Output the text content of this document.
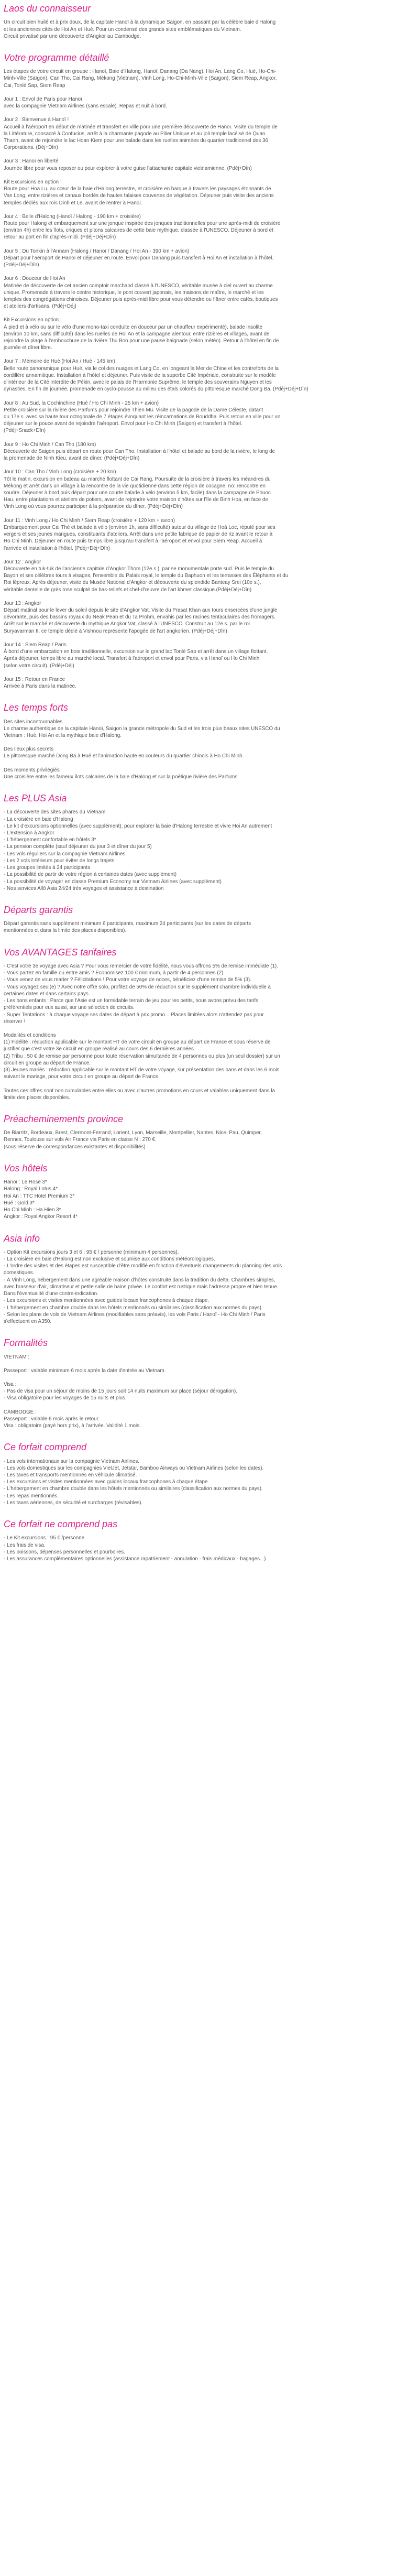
Laos du connaisseur

Un circuit bien huilé et à prix doux, de la capitale Hanoï à la dynamique Saigon, en passant par la célèbre baie d'Halong

et les anciennes cités de Hoi An et Hué. Pour un condensé des grands sites emblématiques du Vietnam.

Circuit privatisé par une découverte d'Angkor au Cambodge.

Votre programme détaillé

Les étapes de votre circuit en groupe : Hanoï, Baie d'Halong, Hanoï, Danang (Da Nang), Hoi An, Lang Co, Hué, Ho-Chi-

Minh-Ville (Saïgon), Can Tho, Cai Rang, Mékong (Vietnam), Vinh Long, Ho-Chi-Minh-Ville (Saïgon), Siem Reap, Angkor,

Cai, Tonlé Sap, Siem Reap

Jour 1 : Envol de Paris pour Hanoï

avec la compagnie Vietnam Airlines (sans escale). Repas et nuit à bord.

Jour 2 : Bienvenue à Hanoï !

Accueil à l'aéroport en début de matinée et transfert en ville pour une première découverte de Hanoï. Visite du temple de

la Littérature, consacré à Confucius, arrêt à la charmante pagode au Pilier Unique et au joli temple lacéisé de Quan

Thanh, avant de rejoindre le lac Hoan Kiem pour une balade dans les ruelles animées du quartier traditionnel des 36

Corporations. (Déj+Dîn)

Jour 3 : Hanoï en liberté

Journée libre pour vous reposer ou pour explorer à votre guise l'attachante capitale vietnamienne. (Pdéj+Dîn)

Kit Excursions en option :

Route pour Hoa Lu, au cœur de la baie d'Halong terrestre, et croisière en barque à travers les paysages étonnants de

Van Long, entre rizières et canaux bordés de hautes falaises couvertes de végétation. Déjeuner puis visite des anciens

temples dédiés aux rois Dinh et Le, avant de rentrer à Hanoï.

Jour 4 : Belle d'Halong (Hanoï / Halong - 190 km + croisière)

Route pour Halong et embarquement sur une jonque inspirée des jonques traditionnelles pour une après-midi de croisière

(environ 4h) entre les îlots, criques et pitons calcaires de cette baie mythique, classée à l'UNESCO. Déjeuner à bord et

retour au port en fin d'après-midi. (Pdéj+Déj+Dîn)

Jour 5 : Du Tonkin à l'Annam (Halong / Hanoï / Danang / Hoi An - 390 km + avion)

Départ pour l'aéroport de Hanoï et déjeuner en route. Envol pour Danang puis transfert à Hoi An et installation à l'hôtel.

(Pdéj+Déj+Dîn)

Jour 6 : Douceur de Hoi An

Matinée de découverte de cet ancien comptoir marchand classé à l'UNESCO, véritable musée à ciel ouvert au charme

unique. Promenade à travers le centre historique, le pont couvert japonais, les maisons de maître, le marché et les

temples des congrégations chinoises. Déjeuner puis après-midi libre pour vous détendre ou flâner entre cafés, boutiques

et ateliers d'artisans. (Pdéj+Déj)

Kit Excursions en option :

À pied et à vélo ou sur le vélo d'une mono-taxi conduite en douceur par un chauffeur expérimenté), balade insolite

(environ 10 km, sans difficulté) dans les ruelles de Hoi An et la campagne alentour, entre rizières et villages, avant de

rejoindre la plage à l'embouchure de la rivière Thu Bon pour une pause baignade (selon météo). Retour à l'hôtel en fin de

journée et dîner libre.

Jour 7 : Mémoire de Hué (Hoi An / Hué - 145 km)

Belle route panoramique pour Hué, via le col des nuages et Lang Co, en longeant la Mer de Chine et les contreforts de la

cordillère annamitique. Installation à l'hôtel et déjeuner. Puis visite de la superbe Cité Impériale, construite sur le modèle

d'intérieur de la Cité interdite de Pékin, avec le palais de l'Harmonie Suprême, le temple des souverains Nguyen et les

dynasties. En fin de journée, promenade en cyclo-pousse au milieu des étals colorés du pittoresque marché Dong Ba. (Pdéj+Déj+Dîn)

Jour 8 : Au Sud, la Cochinchine (Hué / Ho Chi Minh - 25 km + avion)

Petite croisière sur la rivière des Parfums pour rejoindre Thien Mu. Visite de la pagode de la Dame Céleste, datant

du 17e s. avec sa haute tour octogonale de 7 étages évoquant les réincarnations de Bouddha. Puis retour en ville pour un

déjeuner sur le pouce avant de rejoindre l'aéroport. Envol pour Ho Chi Minh (Saigon) et transfert à l'hôtel.

(Pdéj+Snack+Dîn)

Jour 9 : Ho Chi Minh / Can Tho (180 km)

Découverte de Saigon puis départ en route pour Can Tho. Installation à l'hôtel et balade au bord de la rivière, le long de

la promenade de Ninh Kieu, avant de dîner. (Pdéj+Déj+Dîn)

Jour 10 : Can Tho / Vinh Long (croisière + 20 km)

Tôt le matin, excursion en bateau au marché flottant de Cai Rang. Poursuite de la croisière à travers les méandres du

Mékong et arrêt dans un village à la rencontre de la vie quotidienne dans cette région de cocagne, no: rencontre en

sourire. Déjeuner à bord puis départ pour une courte balade à vélo (environ 5 km, facile) dans la campagne de Phuoc

Hau, entre plantations et ateliers de potiers, avant de rejoindre votre maison d'hôtes sur l'île de Binh Hoa, en face de

Vinh Long où vous pourrez participer à la préparation du dîner. (Pdéj+Déj+Dîn)

Jour 11 : Vinh Long / Ho Chi Minh / Siem Reap (croisière + 120 km + avion)

Embarquement pour Cai Thé et balade à vélo (environ 1h, sans difficulté) autour du village de Hoà Loc, réputé pour ses

vergers et ses jeunes mangues, constituants d'ateliers. Arrêt dans une petite fabrique de papier de riz avant le retour à

Ho Chi Minh. Déjeuner en route puis temps libre jusqu'au transfert à l'aéroport et envol pour Siem Reap. Accueil à

l'arrivée et installation à l'hôtel. (Pdéj+Déj+Dîn)

Jour 12 : Angkor

Découverte en tuk-tuk de l'ancienne capitale d'Angkor Thom (12e s.), par se monumentale porte sud. Puis le temple du

Bayon et ses célèbres tours à visages, l'ensemble du Palais royal, le temple du Baphuon et les terrasses des Éléphants et du

Roi lépreux. Après déjeuner, visite du Musée National d'Angkor et découverte du splendide Banteay Srei (10e s.),

véritable dentelle de grès rose sculpté de bas-reliefs et chef-d'œuvre de l'art khmer classique.(Pdéj+Déj+Dîn)

Jour 13 : Angkor

Départ matinal pour le lever du soleil depuis le site d'Angkor Vat. Visite du Prasat Khan aux tours ensercées d'une jungle

dévorante, puis des bassins royaux du Neak Pean et du Ta Prohm, envahis par les racines tentaculaires des fromagers.

Arrêt sur le marché et découverte du mythique Angkor Vat, classé à l'UNESCO. Construit au 12e s. par le roi

Suryavarman II, ce temple dédié à Vishnou représente l'apogée de l'art angkorien. (Pdéj+Déj+Dîn)

Jour 14 : Siem Reap / Paris

À bord d'une embarcation en bois traditionnelle, excursion sur le grand lac Tonlé Sap et arrêt dans un village flottant.

Après déjeuner, temps libre au marché local. Transfert à l'aéroport et envol pour Paris, via Hanoï ou Ho Chi Minh

(selon votre circuit). (Pdéj+Déj)

Jour 15 : Retour en France

Arrivée à Paris dans la matinée.

Les temps forts

Des sites incontournables

Le charme authentique de la capitale Hanoï, Saigon la grande métropole du Sud et les trois plus beaux sites UNESCO du

Vietnam : Hué, Hoi An et la mythique baie d'Halong.

Des lieux plus secrets

Le pittoresque marché Dong Ba à Hué et l'animation haute en couleurs du quartier chinois à Ho Chi Minh.

Des moments privilégiés

Une croisière entre les fameux îlots calcaires de la baie d'Halong et sur la poétique rivière des Parfums.

Les PLUS Asia

- La découverte des sites phares du Vietnam

- La croisière en baie d'Halong

- Le kit d'excursions optionnelles (avec supplément), pour explorer la baie d'Halong terrestre et vivre Hoi An autrement

- L'extension à Angkor

- L'hébergement confortable en hôtels 3*

- La pension complète (sauf déjeuner du jour 3 et dîner du jour 5)

- Les vols réguliers sur la compagnie Vietnam Airlines

- Les 2 vols intérieurs pour éviter de longs trajets

- Les groupes limités à 24 participants

- La possibilité de partir de votre région à certaines dates (avec supplément)

- La possibilité de voyager en classe Premium Economy sur Vietnam Airlines (avec supplément)

- Nos services Allô Asia 24/24 très voyages et assistance à destination

Départs garantis

Départ garantis sans supplément minimum 6 participants, maximum 24 participants (sur les dates de départs

mentionnées et dans la limite des places disponibles).

Vos AVANTAGES tarifaires

- C'est votre 3e voyage avec Asia ? Pour vous remercier de votre fidélité, nous vous offrons 5% de remise immédiate (1).

- Vous partez en famille ou entre amis ? Économisez 100 € minimum, à partir de 4 personnes (2).

- Vous venez de vous marier ? Félicitations ! Pour votre voyage de noces, bénéficiez d'une remise de 5% (3).

- Vous voyagez seul(e) ? Avec notre offre solo, profitez de 50% de réduction sur le supplément chambre individuelle à

certaines dates et dans certains pays.

- Les bons enfants : Parce que l'Asie est un formidable terrain de jeu pour les petits, nous avons prévu des tarifs

préférentiels pour eux aussi, sur une sélection de circuits.

- Super Tentations : à chaque voyage ses dates de départ à prix promo... Places limitées alors n'attendez pas pour

réserver !

Modalités et conditions

(1) Fidélité : réduction applicable sur le montant HT de votre circuit en groupe au départ de France et sous réserve de

justifier que c'est votre 3e circuit en groupe réalisé au cours des 6 dernières années.

(2) Tribu : 50 € de remise par personne pour toute réservation simultanée de 4 personnes ou plus (un seul dossier) sur un

circuit en groupe au départ de France.

(3) Jeunes mariés : réduction applicable sur le montant HT de votre voyage, sur présentation des bans et dans les 6 mois

suivant le mariage, pour votre circuit en groupe au départ de France.

Toutes ces offres sont non cumulables entre elles ou avec d'autres promotions en cours et valables uniquement dans la

limite des places disponibles.

Préacheminements province

De Biarritz, Bordeaux, Brest, Clermont-Ferrand, Lorient, Lyon, Marseille, Montpellier, Nantes, Nice, Pau, Quimper,

Rennes, Toulouse sur vols Air France via Paris en classe N : 270 €.

(sous réserve de correspondances existantes et disponibilités)

Vos hôtels

Hanoï : Le Rose 3*

Halong : Royal Lotus 4*

Hoi An : TTC Hotel Premium 3*

Hué : Gold 3*

Ho Chi Minh : Ha Hien 3*

Angkor : Royal Angkor Resort 4*

Asia info

- Option Kit excursions jours 3 et 6 : 95 € / personne (minimum 4 personnes).

- La croisière en baie d'Halong est non exclusive et soumise aux conditions météorologiques.

- L'ordre des visites et des étapes est susceptible d'être modifié en fonction d'éventuels changements du planning des vols

domestiques.

- À Vinh Long, hébergement dans une agréable maison d'hôtes construite dans la tradition du delta. Chambres simples,

avec brasseur d'air, climatiseur et petite salle de bains privée. Le confort est rustique mais l'adresse propre et bien tenue.

Dans l'éventualité d'une contre-indication.

- Les excursions et visites mentionnées avec guides locaux francophones à chaque étape.

- L'hébergement en chambre double dans les hôtels mentionnés ou similaires (classification aux normes du pays).

- Selon les plans de vols de Vietnam Airlines (modifiables sans préavis), les vols Paris / Hanoï - Ho Chi Minh / Paris

s'effectuent en A350.

Formalités

VIETNAM :

Passeport : valable minimum 6 mois après la date d'entrée au Vietnam.

Visa :

- Pas de visa pour un séjour de moins de 15 jours soit 14 nuits maximum sur place (séjour dérogation).

- Visa obligatoire pour les voyages de 15 nuits et plus.

CAMBODGE :

Passeport : valable 6 mois après le retour.

Visa : obligatoire (payé hors prix), à l'arrivée. Validité 1 mois.

Ce forfait comprend

- Les vols internationaux sur la compagnie Vietnam Airlines.

- Les vols domestiques sur les compagnies VietJet, Jetstar, Bamboo Airways ou Vietnam Airlines (selon les dates).

- Les taxes et transports mentionnés en véhicule climatisé.

- Les excursions et visites mentionnées avec guides locaux francophones à chaque étape.

- L'hébergement en chambre double dans les hôtels mentionnés ou similaires (classification aux normes du pays).

- Les repas mentionnés.

- Les taxes aériennes, de sécurité et surcharges (révisables).

Ce forfait ne comprend pas

- Le Kit excursions : 95 € /personne.

- Les frais de visa.

- Les boissons, dépenses personnelles et pourboires.

- Les assurances complémentaires optionnelles (assistance rapatriement - annulation - frais médicaux - bagages...).
